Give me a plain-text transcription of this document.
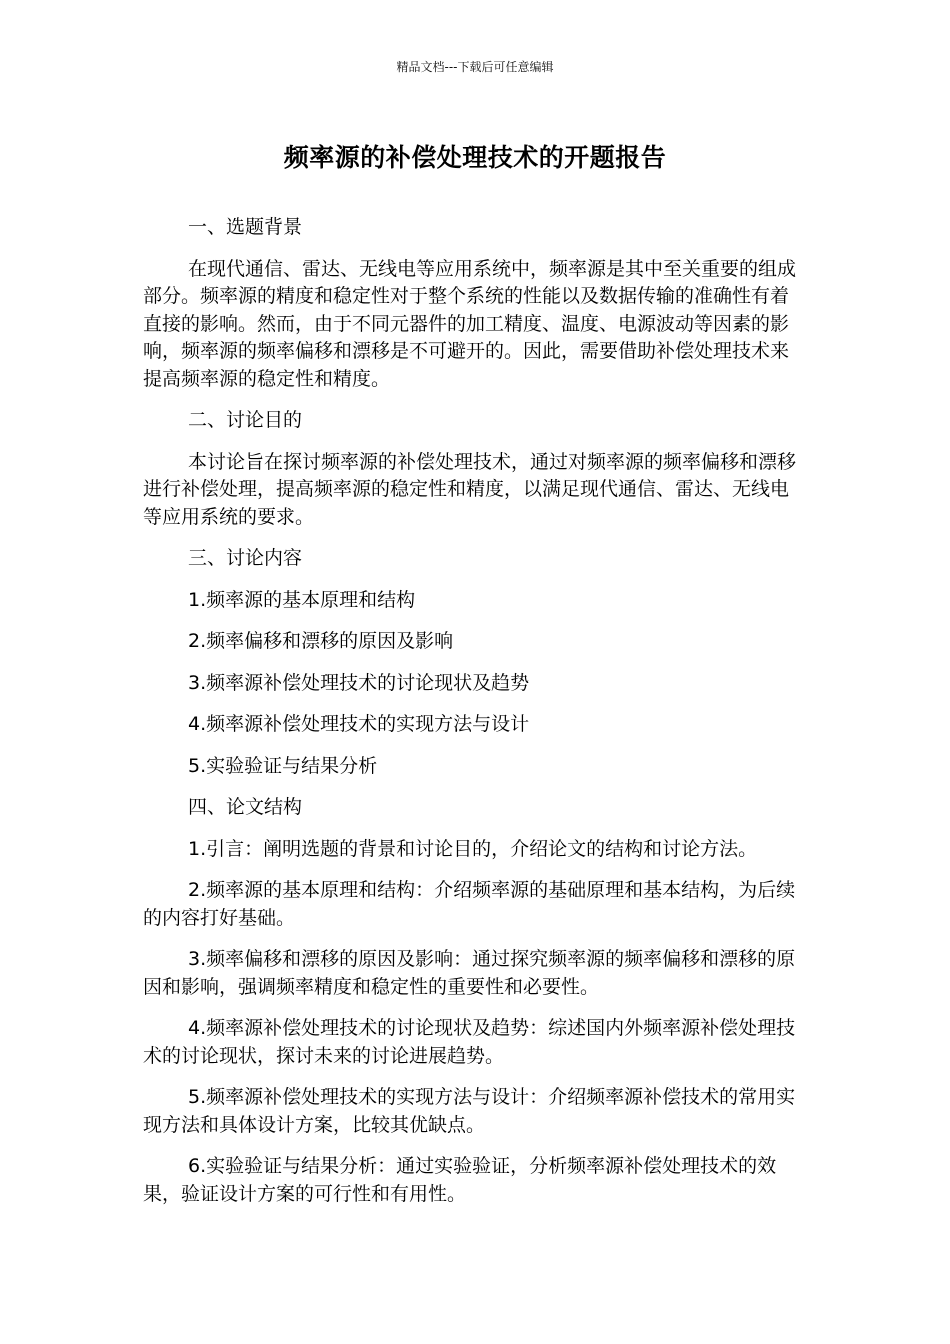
精品文档---下载后可任意编辑
频率源的补偿处理技术的开题报告

一、选题背景

在现代通信、雷达、无线电等应用系统中，频率源是其中至关重要的组成部分。频率源的精度和稳定性对于整个系统的性能以及数据传输的准确性有着直接的影响。然而，由于不同元器件的加工精度、温度、电源波动等因素的影响，频率源的频率偏移和漂移是不可避开的。因此，需要借助补偿处理技术来提高频率源的稳定性和精度。

二、讨论目的

本讨论旨在探讨频率源的补偿处理技术，通过对频率源的频率偏移和漂移进行补偿处理，提高频率源的稳定性和精度，以满足现代通信、雷达、无线电等应用系统的要求。

三、讨论内容

1.频率源的基本原理和结构

2.频率偏移和漂移的原因及影响

3.频率源补偿处理技术的讨论现状及趋势

4.频率源补偿处理技术的实现方法与设计

5.实验验证与结果分析

四、论文结构

1.引言：阐明选题的背景和讨论目的，介绍论文的结构和讨论方法。

2.频率源的基本原理和结构：介绍频率源的基础原理和基本结构，为后续的内容打好基础。

3.频率偏移和漂移的原因及影响：通过探究频率源的频率偏移和漂移的原因和影响，强调频率精度和稳定性的重要性和必要性。

4.频率源补偿处理技术的讨论现状及趋势：综述国内外频率源补偿处理技术的讨论现状，探讨未来的讨论进展趋势。

5.频率源补偿处理技术的实现方法与设计：介绍频率源补偿技术的常用实现方法和具体设计方案，比较其优缺点。

6.实验验证与结果分析：通过实验验证，分析频率源补偿处理技术的效果，验证设计方案的可行性和有用性。
